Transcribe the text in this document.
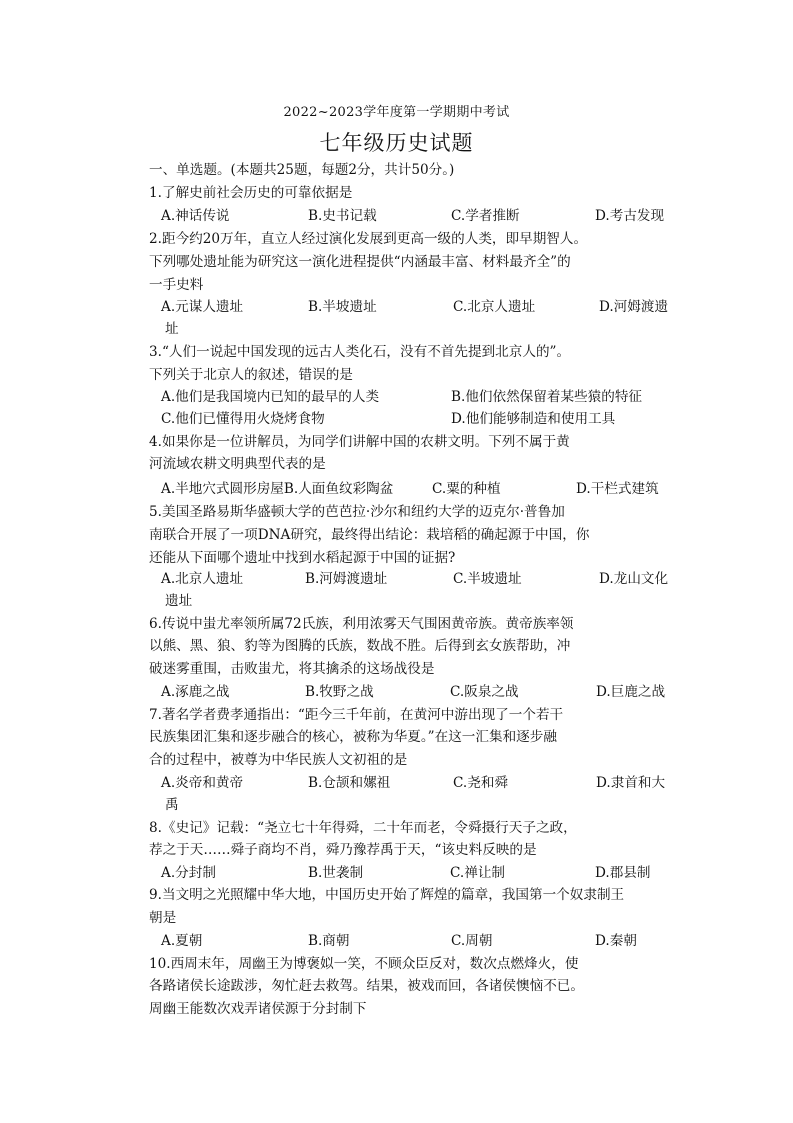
2022~2023学年度第一学期期中考试
七年级历史试题
一、单选题。(本题共25题，每题2分，共计50分。)
1.了解史前社会历史的可靠依据是
A.神话传说	B.史书记载	C.学者推断	D.考古发现
2.距今约20万年，直立人经过演化发展到更高一级的人类，即早期智人。
下列哪处遗址能为研究这一演化进程提供“内涵最丰富、材料最齐全”的
一手史料
A.元谋人遗址	B.半坡遗址	C.北京人遗址	D.河姆渡遗
址
3.“人们一说起中国发现的远古人类化石，没有不首先提到北京人的”。
下列关于北京人的叙述，错误的是
A.他们是我国境内已知的最早的人类	B.他们依然保留着某些猿的特征
C.他们已懂得用火烧烤食物	D.他们能够制造和使用工具
4.如果你是一位讲解员，为同学们讲解中国的农耕文明。下列不属于黄
河流域农耕文明典型代表的是
A.半地穴式圆形房屋B.人面鱼纹彩陶盆	C.粟的种植	D.干栏式建筑
5.美国圣路易斯华盛顿大学的芭芭拉·沙尔和纽约大学的迈克尔·普鲁加
南联合开展了一项DNA研究，最终得出结论：栽培稻的确起源于中国，你
还能从下面哪个遗址中找到水稻起源于中国的证据?
A.北京人遗址	B.河姆渡遗址	C.半坡遗址	D.龙山文化
遗址
6.传说中蚩尤率领所属72氏族，利用浓雾天气围困黄帝族。黄帝族率领
以熊、黑、狼、豹等为图腾的氏族，数战不胜。后得到玄女族帮助，冲
破迷雾重围，击败蚩尤，将其擒杀的这场战役是
A.涿鹿之战	B.牧野之战	C.阪泉之战	D.巨鹿之战
7.著名学者费孝通指出：“距今三千年前，在黄河中游出现了一个若干
民族集团汇集和逐步融合的核心，被称为华夏。”在这一汇集和逐步融
合的过程中，被尊为中华民族人文初祖的是
A.炎帝和黄帝	B.仓颉和嫘祖	C.尧和舜	D.隶首和大
禹
8.《史记》记载：“尧立七十年得舜，二十年而老，令舜摄行天子之政，
荐之于天……舜子商均不肖，舜乃豫荐禹于天，“该史料反映的是
A.分封制	B.世袭制	C.禅让制	D.郡县制
9.当文明之光照耀中华大地，中国历史开始了辉煌的篇章，我国第一个奴隶制王
朝是
A.夏朝	B.商朝	C.周朝	D.秦朝
10.西周末年，周幽王为博褒姒一笑，不顾众臣反对，数次点燃烽火，使
各路诸侯长途跋涉，匆忙赶去救驾。结果，被戏而回，各诸侯懊恼不已。
周幽王能数次戏弄诸侯源于分封制下
